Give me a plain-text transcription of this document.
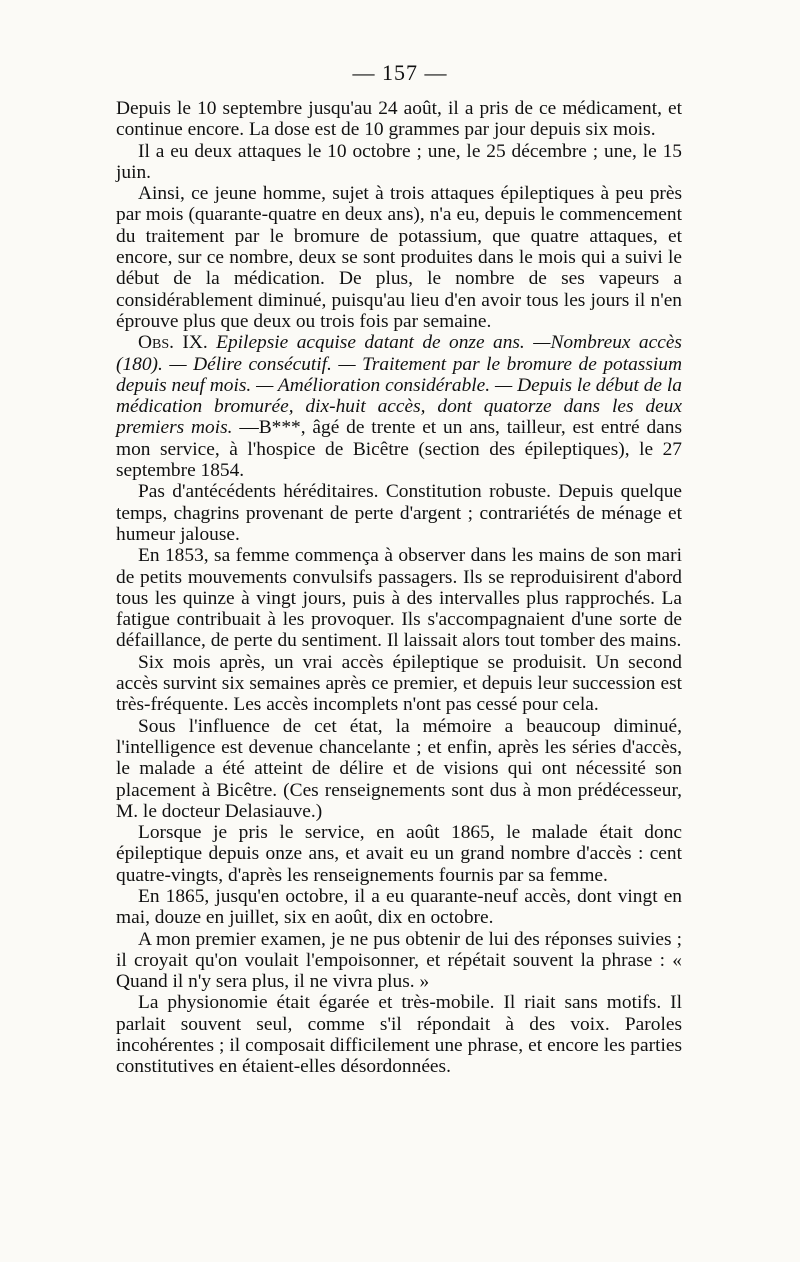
— 157 —

Depuis le 10 septembre jusqu'au 24 août, il a pris de ce médicament, et continue encore. La dose est de 10 grammes par jour depuis six mois.

Il a eu deux attaques le 10 octobre ; une, le 25 décembre ; une, le 15 juin.

Ainsi, ce jeune homme, sujet à trois attaques épileptiques à peu près par mois (quarante-quatre en deux ans), n'a eu, depuis le commencement du traitement par le bromure de potassium, que quatre attaques, et encore, sur ce nombre, deux se sont produites dans le mois qui a suivi le début de la médication. De plus, le nombre de ses vapeurs a considérablement diminué, puisqu'au lieu d'en avoir tous les jours il n'en éprouve plus que deux ou trois fois par semaine.

Obs. IX. Epilepsie acquise datant de onze ans. —Nombreux accès (180). — Délire consécutif. — Traitement par le bromure de potassium depuis neuf mois. — Amélioration considérable. — Depuis le début de la médication bromurée, dix-huit accès, dont quatorze dans les deux premiers mois. —B***, âgé de trente et un ans, tailleur, est entré dans mon service, à l'hospice de Bicêtre (section des épileptiques), le 27 septembre 1854.

Pas d'antécédents héréditaires. Constitution robuste. Depuis quelque temps, chagrins provenant de perte d'argent ; contrariétés de ménage et humeur jalouse.

En 1853, sa femme commença à observer dans les mains de son mari de petits mouvements convulsifs passagers. Ils se reproduisirent d'abord tous les quinze à vingt jours, puis à des intervalles plus rapprochés. La fatigue contribuait à les provoquer. Ils s'accompagnaient d'une sorte de défaillance, de perte du sentiment. Il laissait alors tout tomber des mains.

Six mois après, un vrai accès épileptique se produisit. Un second accès survint six semaines après ce premier, et depuis leur succession est très-fréquente. Les accès incomplets n'ont pas cessé pour cela.

Sous l'influence de cet état, la mémoire a beaucoup diminué, l'intelligence est devenue chancelante ; et enfin, après les séries d'accès, le malade a été atteint de délire et de visions qui ont nécessité son placement à Bicêtre. (Ces renseignements sont dus à mon prédécesseur, M. le docteur Delasiauve.)

Lorsque je pris le service, en août 1865, le malade était donc épileptique depuis onze ans, et avait eu un grand nombre d'accès : cent quatre-vingts, d'après les renseignements fournis par sa femme.

En 1865, jusqu'en octobre, il a eu quarante-neuf accès, dont vingt en mai, douze en juillet, six en août, dix en octobre.

A mon premier examen, je ne pus obtenir de lui des réponses suivies ; il croyait qu'on voulait l'empoisonner, et répétait souvent la phrase : « Quand il n'y sera plus, il ne vivra plus. »

La physionomie était égarée et très-mobile. Il riait sans motifs. Il parlait souvent seul, comme s'il répondait à des voix. Paroles incohérentes ; il composait difficilement une phrase, et encore les parties constitutives en étaient-elles désordonnées.
